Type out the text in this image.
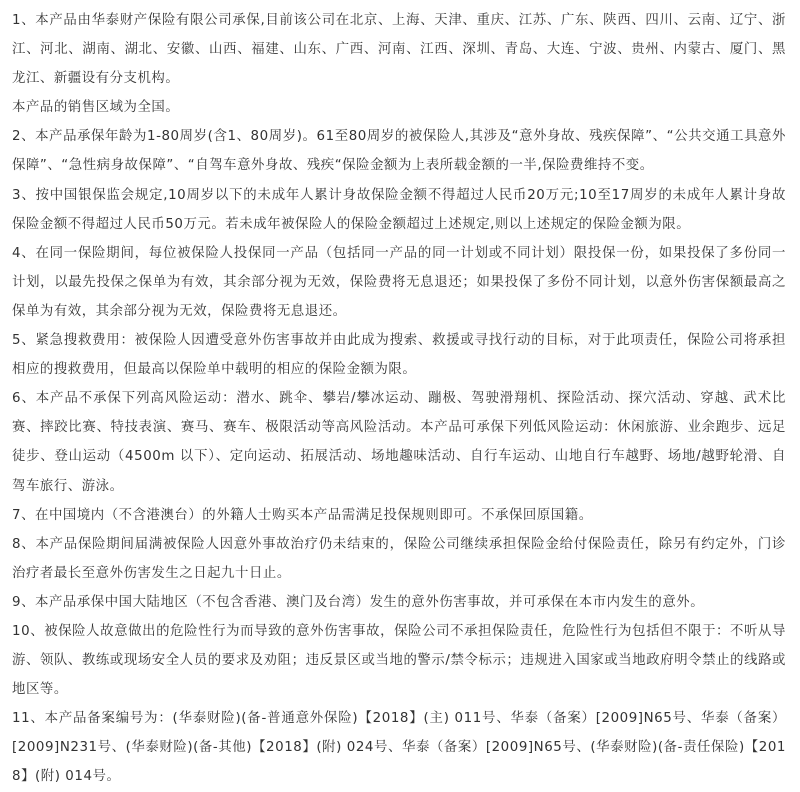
1、本产品由华泰财产保险有限公司承保,目前该公司在北京、上海、天津、重庆、江苏、广东、陕西、四川、云南、辽宁、浙江、河北、湖南、湖北、安徽、山西、福建、山东、广西、河南、江西、深圳、青岛、大连、宁波、贵州、内蒙古、厦门、黑龙江、新疆设有分支机构。

本产品的销售区域为全国。

2、本产品承保年龄为1-80周岁(含1、80周岁)。61至80周岁的被保险人,其涉及“意外身故、残疾保障”、“公共交通工具意外保障”、“急性病身故保障”、“自驾车意外身故、残疾“保险金额为上表所载金额的一半,保险费维持不变。

3、按中国银保监会规定,10周岁以下的未成年人累计身故保险金额不得超过人民币20万元;10至17周岁的未成年人累计身故保险金额不得超过人民币50万元。若未成年被保险人的保险金额超过上述规定,则以上述规定的保险金额为限。

4、在同一保险期间，每位被保险人投保同一产品（包括同一产品的同一计划或不同计划）限投保一份，如果投保了多份同一计划，以最先投保之保单为有效，其余部分视为无效，保险费将无息退还；如果投保了多份不同计划，以意外伤害保额最高之保单为有效，其余部分视为无效，保险费将无息退还。

5、紧急搜救费用：被保险人因遭受意外伤害事故并由此成为搜索、救援或寻找行动的目标，对于此项责任，保险公司将承担相应的搜救费用，但最高以保险单中载明的相应的保险金额为限。

6、本产品不承保下列高风险运动：潜水、跳伞、攀岩/攀冰运动、蹦极、驾驶滑翔机、探险活动、探穴活动、穿越、武术比赛、摔跤比赛、特技表演、赛马、赛车、极限活动等高风险活动。本产品可承保下列低风险运动：休闲旅游、业余跑步、远足徒步、登山运动（4500m 以下）、定向运动、拓展活动、场地趣味活动、自行车运动、山地自行车越野、场地/越野轮滑、自驾车旅行、游泳。

7、在中国境内（不含港澳台）的外籍人士购买本产品需满足投保规则即可。不承保回原国籍。

8、本产品保险期间届满被保险人因意外事故治疗仍未结束的，保险公司继续承担保险金给付保险责任，除另有约定外，门诊治疗者最长至意外伤害发生之日起九十日止。

9、本产品承保中国大陆地区（不包含香港、澳门及台湾）发生的意外伤害事故，并可承保在本市内发生的意外。

10、被保险人故意做出的危险性行为而导致的意外伤害事故，保险公司不承担保险责任，危险性行为包括但不限于：不听从导游、领队、教练或现场安全人员的要求及劝阻；违反景区或当地的警示/禁令标示；违规进入国家或当地政府明令禁止的线路或地区等。

11、本产品备案编号为：(华泰财险)(备-普通意外保险)【2018】(主) 011号、华泰（备案）[2009]N65号、华泰（备案）[2009]N231号、(华泰财险)(备-其他)【2018】(附) 024号、华泰（备案）[2009]N65号、(华泰财险)(备-责任保险)【2018】(附) 014号。
